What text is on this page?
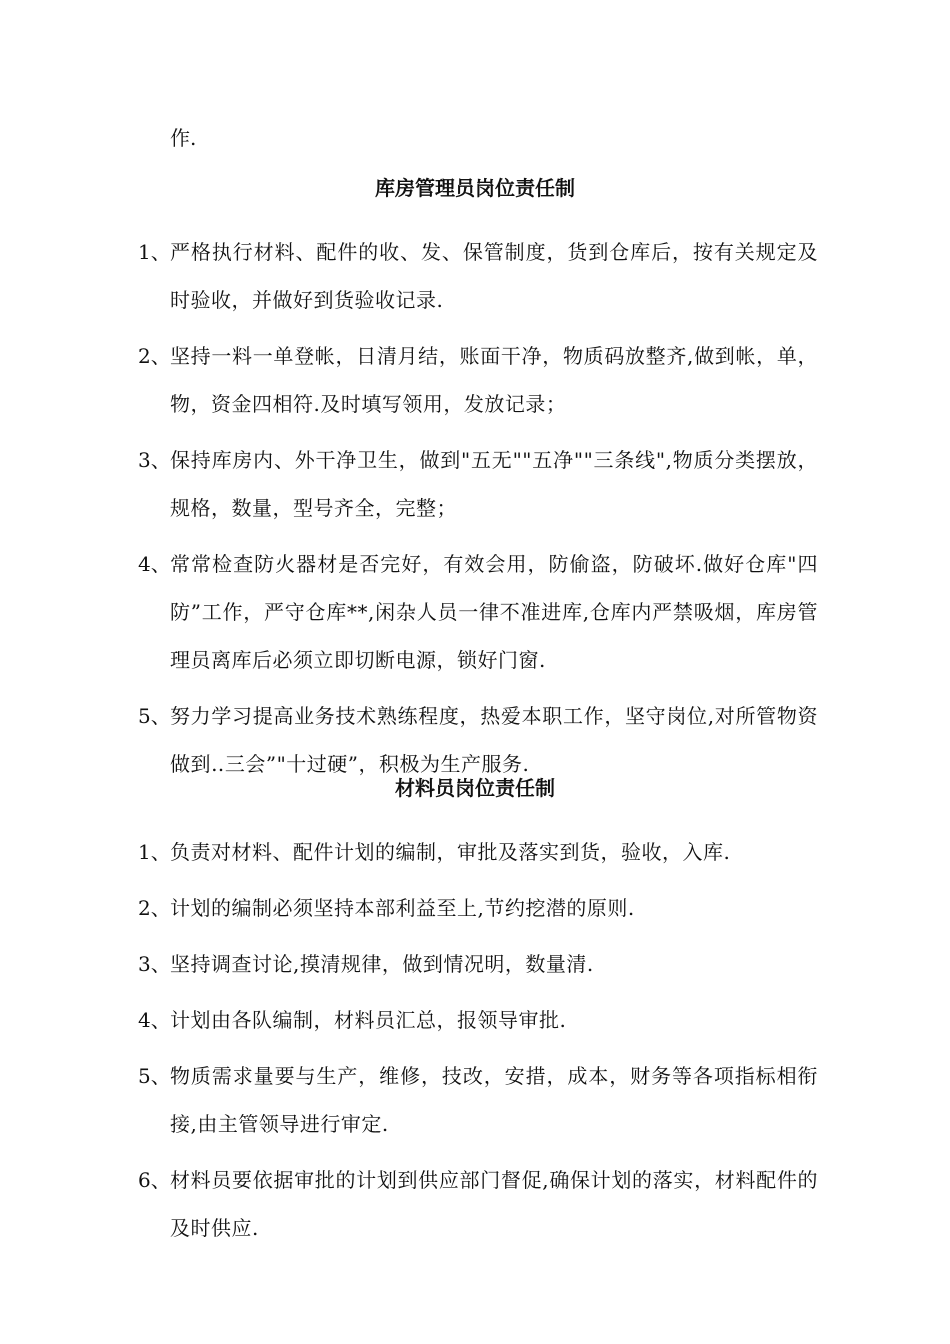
作.
库房管理员岗位责任制
1、 严格执行材料、配件的收、发、保管制度，货到仓库后，按有关规定及时验收，并做好到货验收记录.
2、 坚持一料一单登帐，日清月结，账面干净，物质码放整齐,做到帐，单，物，资金四相符.及时填写领用，发放记录；
3、 保持库房内、外干净卫生，做到"五无""五净""三条线",物质分类摆放，规格，数量，型号齐全，完整；
4、 常常检查防火器材是否完好，有效会用，防偷盗，防破坏.做好仓库"四防”工作，严守仓库**,闲杂人员一律不准进库,仓库内严禁吸烟，库房管理员离库后必须立即切断电源，锁好门窗.
5、 努力学习提高业务技术熟练程度，热爱本职工作，坚守岗位,对所管物资做到‥三会”"十过硬”，积极为生产服务.
材料员岗位责任制
1、 负责对材料、配件计划的编制，审批及落实到货，验收，入库.
2、 计划的编制必须坚持本部利益至上,节约挖潜的原则.
3、 坚持调查讨论,摸清规律，做到情况明，数量清.
4、 计划由各队编制，材料员汇总，报领导审批.
5、 物质需求量要与生产，维修，技改，安措，成本，财务等各项指标相衔接,由主管领导进行审定.
6、 材料员要依据审批的计划到供应部门督促,确保计划的落实，材料配件的及时供应.
